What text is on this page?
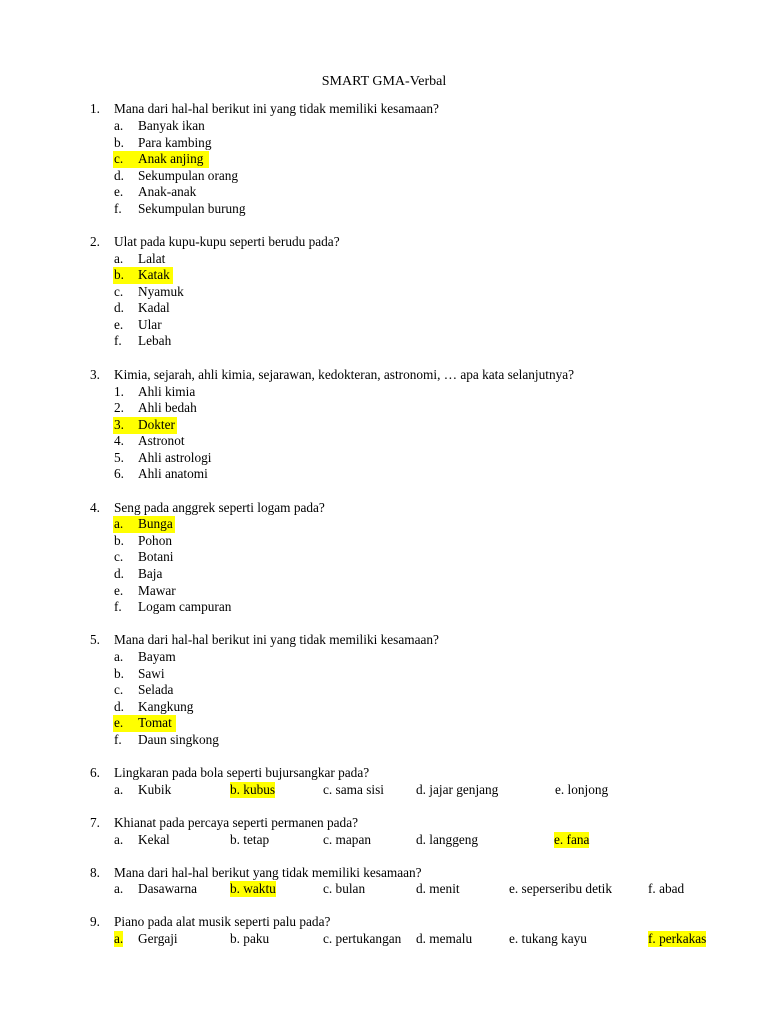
SMART GMA-Verbal
1. Mana dari hal-hal berikut ini yang tidak memiliki kesamaan?
a. Banyak ikan
b. Para kambing
c. Anak anjing
d. Sekumpulan orang
e. Anak-anak
f. Sekumpulan burung
2. Ulat pada kupu-kupu seperti berudu pada?
a. Lalat
b. Katak
c. Nyamuk
d. Kadal
e. Ular
f. Lebah
3. Kimia, sejarah, ahli kimia, sejarawan, kedokteran, astronomi, … apa kata selanjutnya?
1. Ahli kimia
2. Ahli bedah
3. Dokter
4. Astronot
5. Ahli astrologi
6. Ahli anatomi
4. Seng pada anggrek seperti logam pada?
a. Bunga
b. Pohon
c. Botani
d. Baja
e. Mawar
f. Logam campuran
5. Mana dari hal-hal berikut ini yang tidak memiliki kesamaan?
a. Bayam
b. Sawi
c. Selada
d. Kangkung
e. Tomat
f. Daun singkong
6. Lingkaran pada bola seperti bujursangkar pada?
a. Kubik	b. kubus	c. sama sisi d. jajar genjang	e. lonjong
7. Khianat pada percaya seperti permanen pada?
a. Kekal	b. tetap	c. mapan	d. langgeng	e. fana
8. Mana dari hal-hal berikut yang tidak memiliki kesamaan?
a. Dasawarna b. waktu	c. bulan	d. menit	e. seperseribu detik	f. abad
9. Piano pada alat musik seperti palu pada?
a. Gergaji	b. paku	c. pertukangan d. memalu	e. tukang kayu	f. perkakas
